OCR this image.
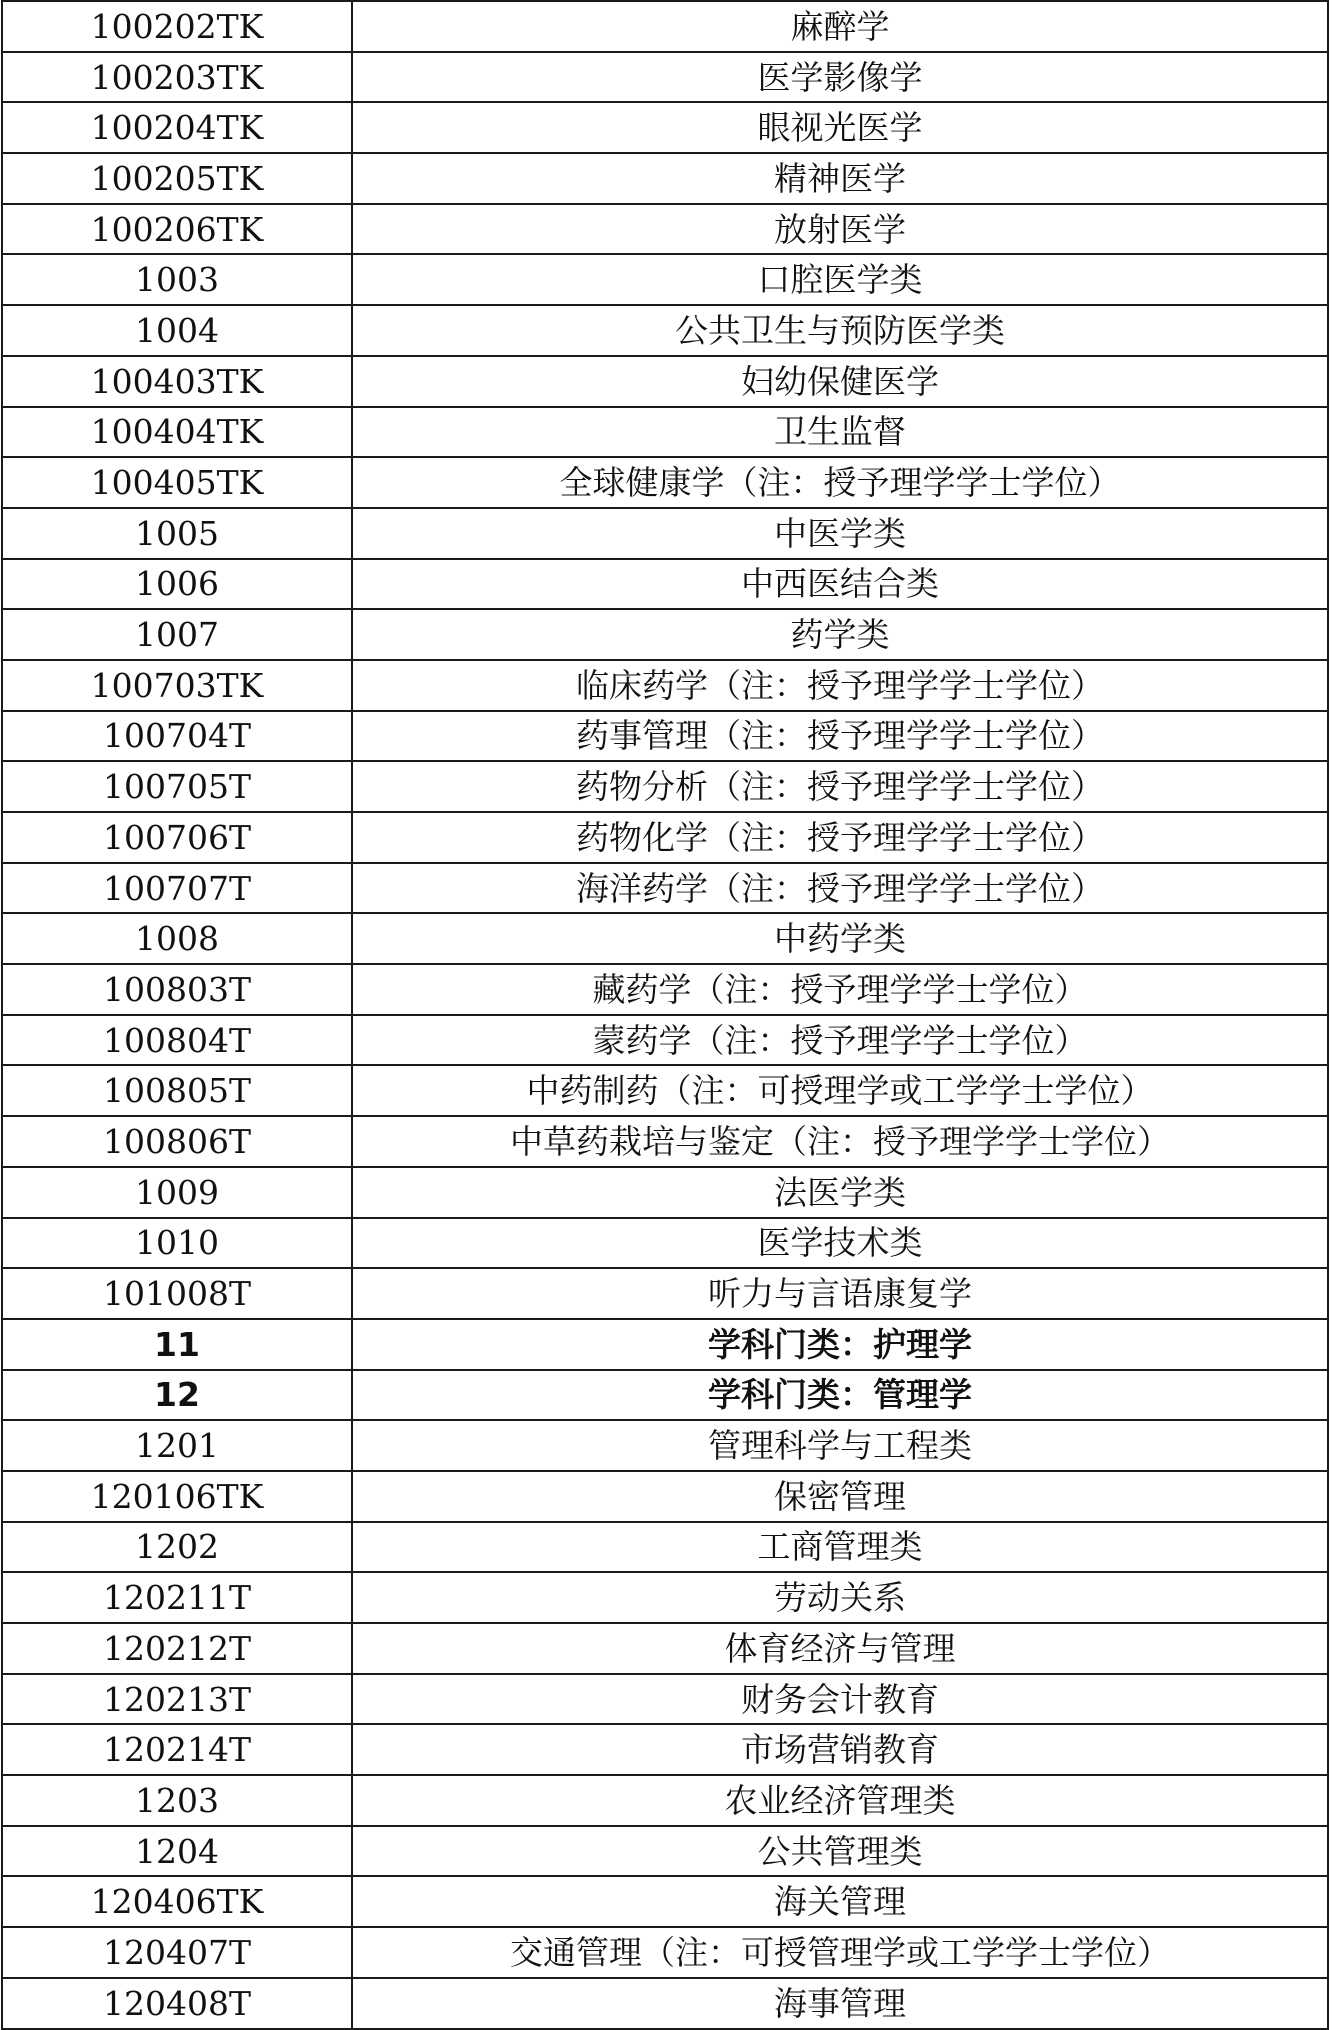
100202TK	麻醉学
100203TK	医学影像学
100204TK	眼视光医学
100205TK	精神医学
100206TK	放射医学
1003	口腔医学类
1004	公共卫生与预防医学类
100403TK	妇幼保健医学
100404TK	卫生监督
100405TK	全球健康学（注：授予理学学士学位）
1005	中医学类
1006	中西医结合类
1007	药学类
100703TK	临床药学（注：授予理学学士学位）
100704T	药事管理（注：授予理学学士学位）
100705T	药物分析（注：授予理学学士学位）
100706T	药物化学（注：授予理学学士学位）
100707T	海洋药学（注：授予理学学士学位）
1008	中药学类
100803T	藏药学（注：授予理学学士学位）
100804T	蒙药学（注：授予理学学士学位）
100805T	中药制药（注：可授理学或工学学士学位）
100806T	中草药栽培与鉴定（注：授予理学学士学位）
1009	法医学类
1010	医学技术类
101008T	听力与言语康复学
11	学科门类：护理学
12	学科门类：管理学
1201	管理科学与工程类
120106TK	保密管理
1202	工商管理类
120211T	劳动关系
120212T	体育经济与管理
120213T	财务会计教育
120214T	市场营销教育
1203	农业经济管理类
1204	公共管理类
120406TK	海关管理
120407T	交通管理（注：可授管理学或工学学士学位）
120408T	海事管理
